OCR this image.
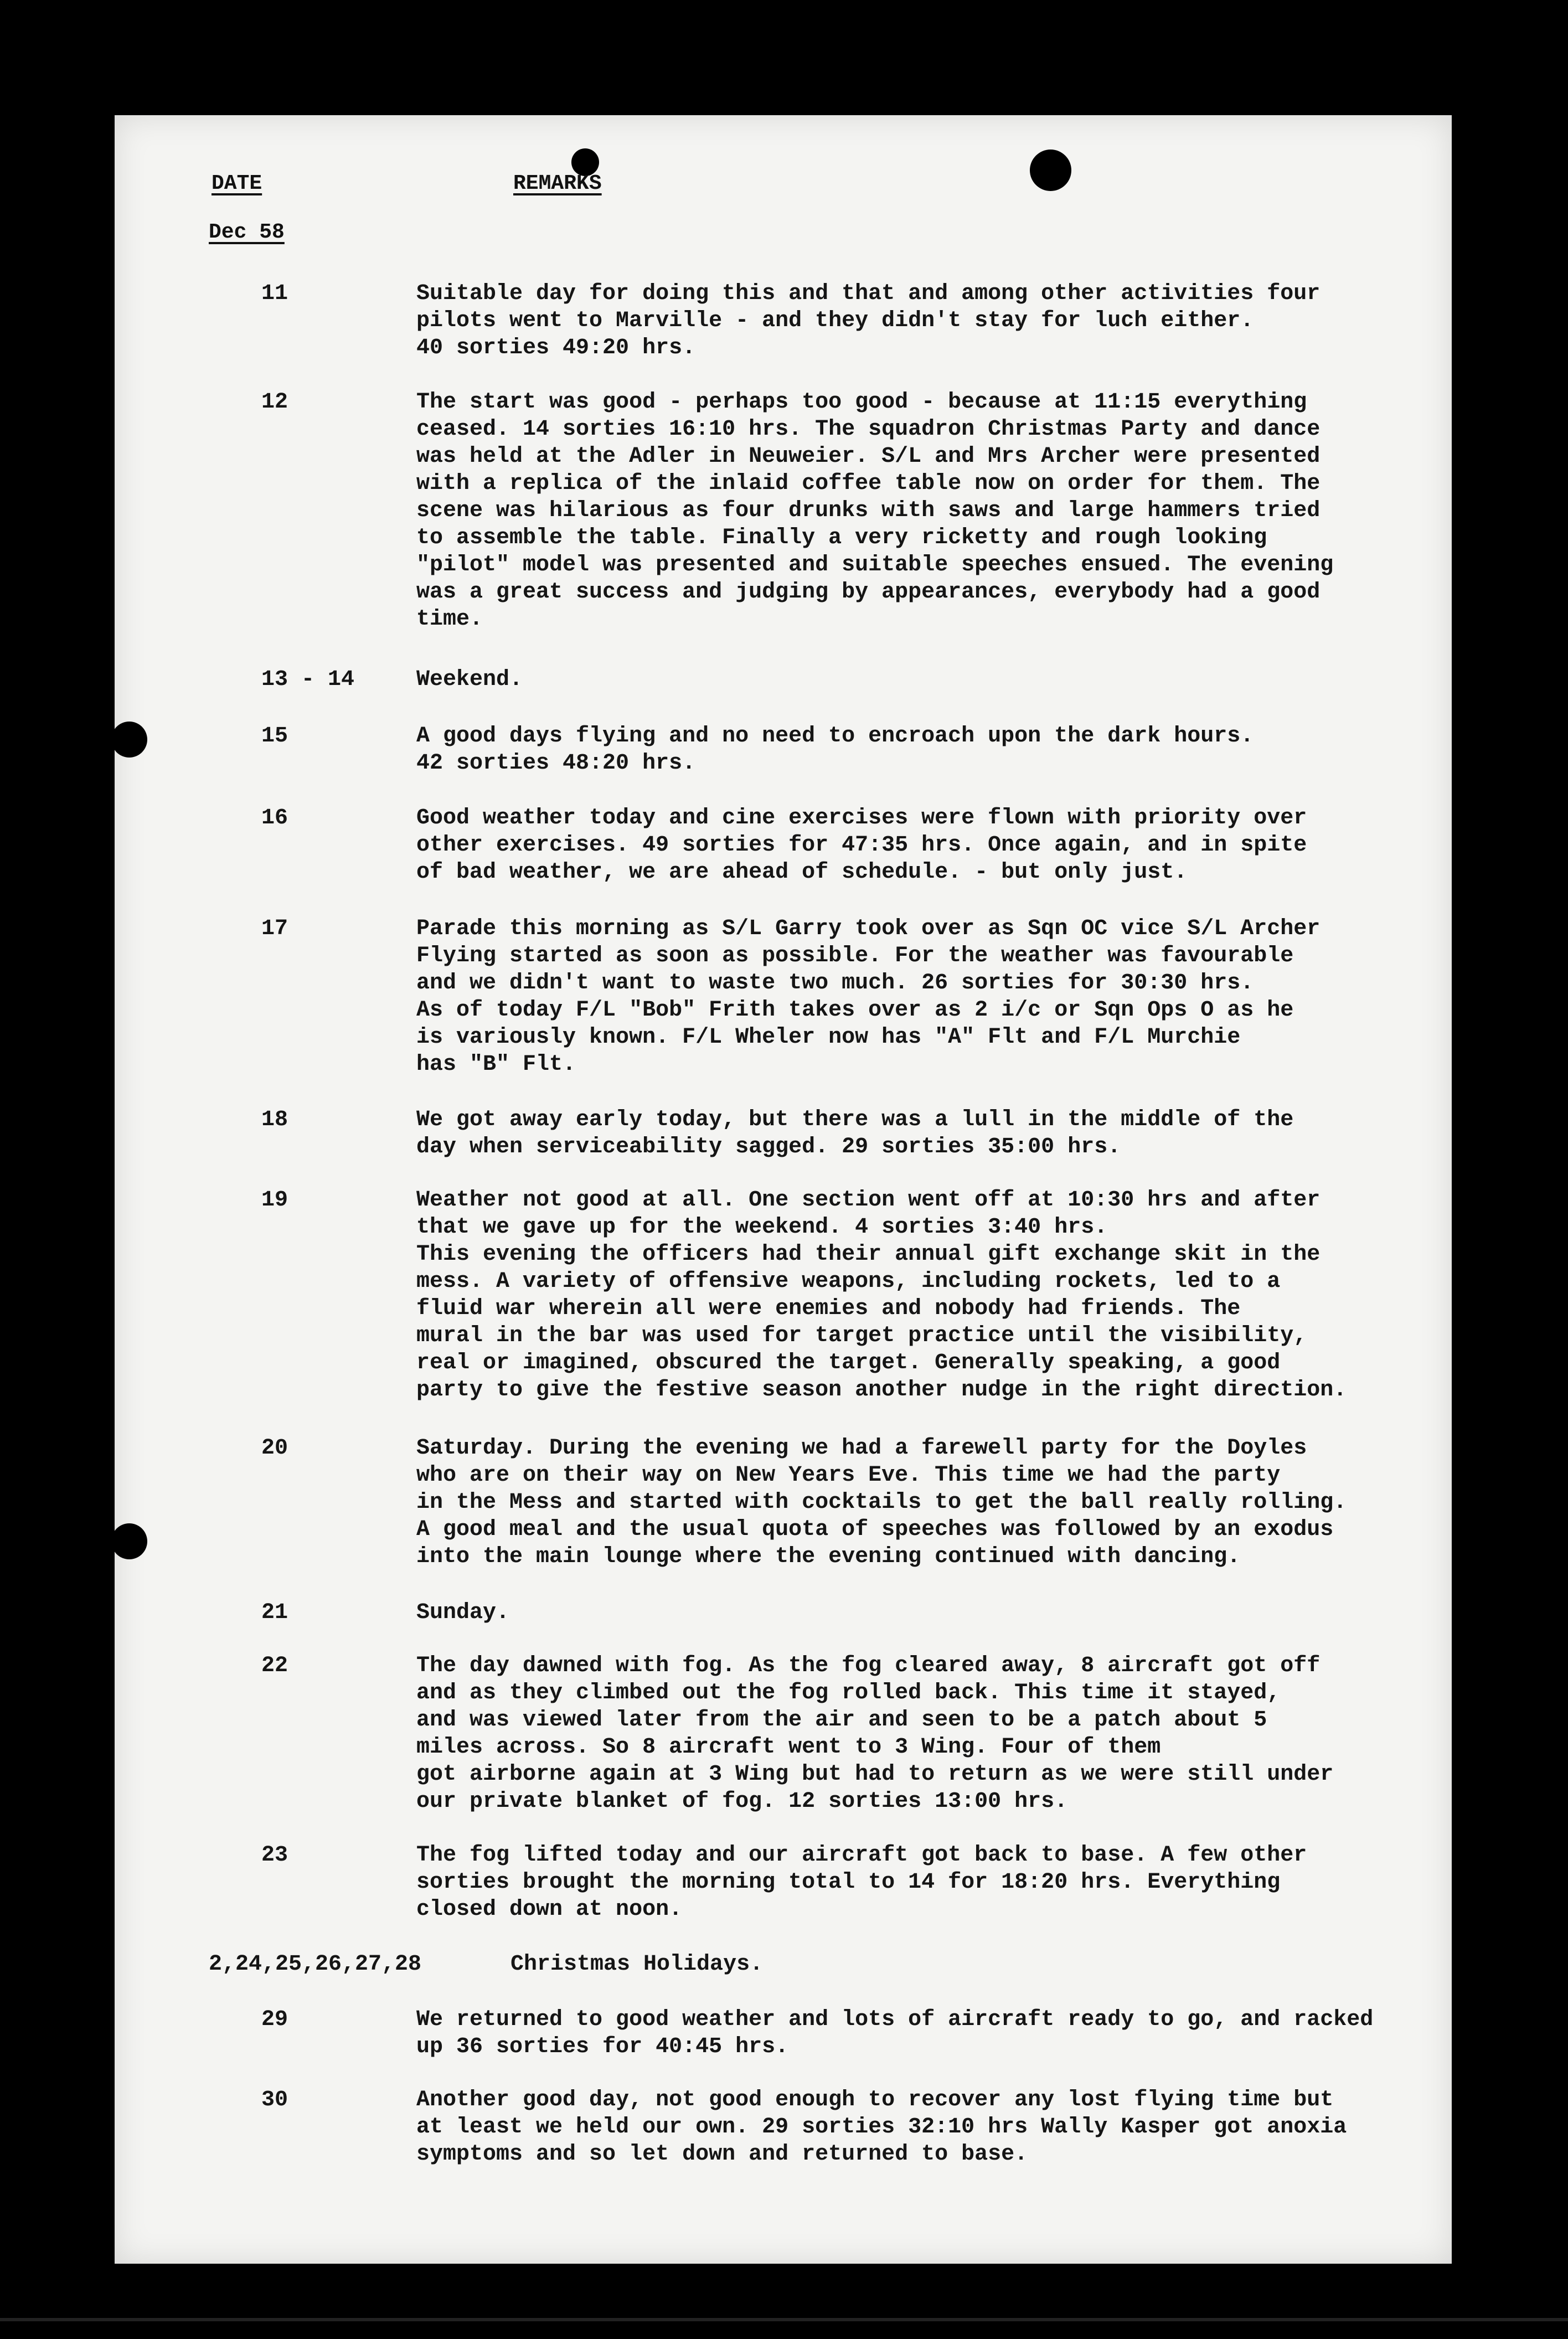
DATE	REMARKS
Dec 58
11	Suitable day for doing this and that and among other activities four
pilots went to Marville - and they didn't stay for luch either.
40 sorties 49:20 hrs.
12	The start was good - perhaps too good - because at 11:15 everything
ceased. 14 sorties 16:10 hrs. The squadron Christmas Party and dance
was held at the Adler in Neuweier. S/L and Mrs Archer were presented
with a replica of the inlaid coffee table now on order for them. The
scene was hilarious as four drunks with saws and large hammers tried
to assemble the table. Finally a very ricketty and rough looking
"pilot" model was presented and suitable speeches ensued. The evening
was a great success and judging by appearances, everybody had a good
time.
13 - 14	Weekend.
15	A good days flying and no need to encroach upon the dark hours.
42 sorties 48:20 hrs.
16	Good weather today and cine exercises were flown with priority over
other exercises. 49 sorties for 47:35 hrs. Once again, and in spite
of bad weather, we are ahead of schedule. - but only just.
17	Parade this morning as S/L Garry took over as Sqn OC vice S/L Archer
Flying started as soon as possible. For the weather was favourable
and we didn't want to waste two much. 26 sorties for 30:30 hrs.
As of today F/L "Bob" Frith takes over as 2 i/c or Sqn Ops O as he
is variously known. F/L Wheler now has "A" Flt and F/L Murchie
has "B" Flt.
18	We got away early today, but there was a lull in the middle of the
day when serviceability sagged. 29 sorties 35:00 hrs.
19	Weather not good at all. One section went off at 10:30 hrs and after
that we gave up for the weekend. 4 sorties 3:40 hrs.
This evening the officers had their annual gift exchange skit in the
mess. A variety of offensive weapons, including rockets, led to a
fluid war wherein all were enemies and nobody had friends. The
mural in the bar was used for target practice until the visibility,
real or imagined, obscured the target. Generally speaking, a good
party to give the festive season another nudge in the right direction.
20	Saturday. During the evening we had a farewell party for the Doyles
who are on their way on New Years Eve. This time we had the party
in the Mess and started with cocktails to get the ball really rolling.
A good meal and the usual quota of speeches was followed by an exodus
into the main lounge where the evening continued with dancing.
21	Sunday.
22	The day dawned with fog. As the fog cleared away, 8 aircraft got off
and as they climbed out the fog rolled back. This time it stayed,
and was viewed later from the air and seen to be a patch about 5
miles across. So 8 aircraft went to 3 Wing. Four of them
got airborne again at 3 Wing but had to return as we were still under
our private blanket of fog. 12 sorties 13:00 hrs.
23	The fog lifted today and our aircraft got back to base. A few other
sorties brought the morning total to 14 for 18:20 hrs. Everything
closed down at noon.
2,24,25,26,27,28	Christmas Holidays.
29	We returned to good weather and lots of aircraft ready to go, and racked
up 36 sorties for 40:45 hrs.
30	Another good day, not good enough to recover any lost flying time but
at least we held our own. 29 sorties 32:10 hrs Wally Kasper got anoxia
symptoms and so let down and returned to base.
